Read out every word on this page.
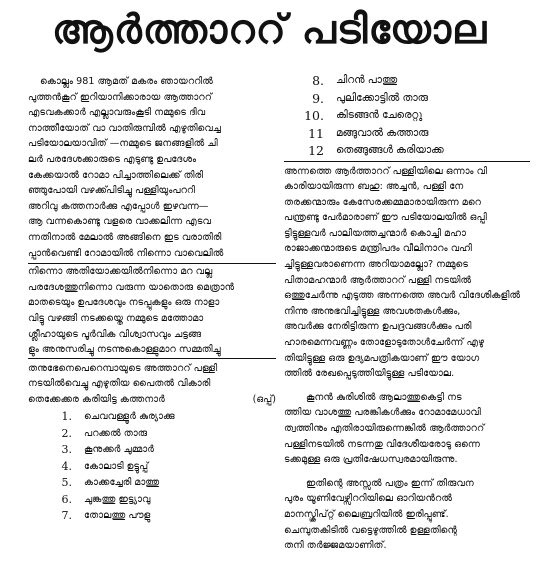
ആർത്താററ് പടിയോല
കൊല്ലം 981 ആമത് മകരം ഞായററിൽ
പുത്തൻകൂറ് ഇറിയാനിക്കാരായ ആത്താററ്
എടവകക്കാർ എല്ലാവരുംകൂടി നമ്മുടെ ദിവ
നാത്തീയോത് വാ വാതിരുമ്പിൽ എഴുതിവെച്ച
പടിയോലയാവിത് —നമ്മുടെ ജനങ്ങളിൽ ചി
ലർ പരദേശക്കാരുടെ എടുണ്ടു ഉപദേശം
കേക്കയാൽ റോമാ പിച്ചാത്തിലെക്ക് തിരി
ഞ്ഞുപോയി വഴക്ക്പിടിച്ചു പള്ളിയുംപററി
അറിവു കത്തനാർക്കു എപ്പോൾ ഇഴവന്ന—
ആ വന്നകൊണ്ടു വളരെ വാക്കലിന്ന എടവ
ന്നതിനാൽ മേലാൽ അങ്ങിനെ ഇട വരാതിരി
പ്പാൻവെണ്ടി റോമായിൽ നിന്നൊ വാവെലിൽ
നിന്നൊ അതിയോക്കയിൽനിന്നൊ മറ വല്ല
പരദേശത്തുനിന്നൊ വരുന്ന യാതൊരു മെത്രാൻ
മാതടെയും ഉപദേശവും നടപ്പുകളും ഒരു നാളാ
വിട്ടു വഴങ്ങി നടക്കയ്തെ നമ്മുടെ മത്തോമാ
ശ്ലീഹായുടെ പൂർവിക വിശ്വാസവും ചട്ടങ്ങ
ളും അനുസരിച്ചു നടന്നുകൊള്ളുമാറ സമ്മതിച്ചു
തനുഭേനെപെറെമ്പായുടെ അത്താററ് പള്ളി
നടയിൽവെച്ചു എഴുതിയ പൈതൽ വികാരി
തെക്കേക്കര കരിയിട്ട കത്തനാർ	(ഒപ്പ്)
1.	ചെവവള്ളൂർ കുര്യാക്കു
2.	പറക്കൽ താരു
3.	കൂനുക്കർ ചുമ്മാർ
4.	കോലാടി ഉട്ടുപ്പ്
5.	കാക്കച്ചേരി മാത്തു
6.	ചുങ്കത്തു ഇട്ട്യാവു
7.	തോലത്തു പൗളു
8.	ചിറൻ പാത്തു
9.	പുലിക്കോട്ടിൽ താരു
10.	കിടങ്ങൻ ചേരെറ്റു
11	മങ്ങുവാൽ കത്താരു
12	തെങ്ങുങ്ങൾ കരിയാക്ക
അന്നത്തെ ആർത്താററ് പള്ളിയിലെ ഒന്നാം വി
കാരിയായിരുന്ന ബഹു: അച്ചൻ, പള്ളി നേ
തരക്കന്മാരും കേസേരക്കമ്മമാരായിരുന്ന മറെ
പന്ത്രണ്ടു പേർമാരാണ് ഈ പടിയോലയിൽ ഒപ്പി
ട്ടിട്ടുള്ളവർ പാലിയത്തച്ചന്മാർ കൊച്ചി മഹാ
രാജാക്കന്മാരുടെ മന്ത്രിപദം വീലിനാറം വഹി
ച്ചിട്ടുള്ളവരാണെന്ന അറിയാമല്ലോ? നമ്മുടെ
പിതാമഹന്മാർ ആർത്താററ് പള്ളി നടയിൽ
ഒത്തുചേർന്നു എടുത്ത അന്നത്തെ അവർ വിദേശികളിൽ
നിന്നു അനുഭവിച്ചിട്ടുള്ള അവശതകൾക്കും,
അവർക്കു നേരിട്ടിരുന്ന ഉപദ്രവങ്ങൾക്കും പരി
ഹാരമെന്നവണ്ണം തോളോടുതോൾചേർന്ന് എഴു
തിയിട്ടുള്ള ഒരു ഉദ്യമപത്രികയാണ് ഈ യോഗ
ത്തിൽ രേഖപ്പെടുത്തിയിട്ടുള്ള പടിയോല.
കൂനൻ കുരിശിൽ ആലാത്തുകെട്ടി നട
ത്തിയ വാശത്തു പരങ്കികൾക്കും റോമാമേധാവി
ത്വത്തിനും എതിരായിരുന്നെങ്കിൽ ആർത്താററ്
പള്ളിനടയിൽ നടന്നതു വിദേശീയരോടു ഒന്നെ
ടക്കമുള്ള ഒരു പ്രതിഷേധസ്വരമായിരുന്നു.
ഇതിന്റെ അസ്സൽ പത്രം ഇന്ന് തിരുവന
പുരം യൂണിവേഴ്സിററിയിലെ ഓറിയൻറൽ
മാനസ്ക്രിപ്റ്റ് ലൈബ്രറിയിൽ ഇരിപ്പുണ്ട്.
ചെമ്പുതകിടിൽ വട്ടെഴുത്തിൽ ഉള്ളതിന്റെ
തനി തർജ്ജമയാണിത്.
